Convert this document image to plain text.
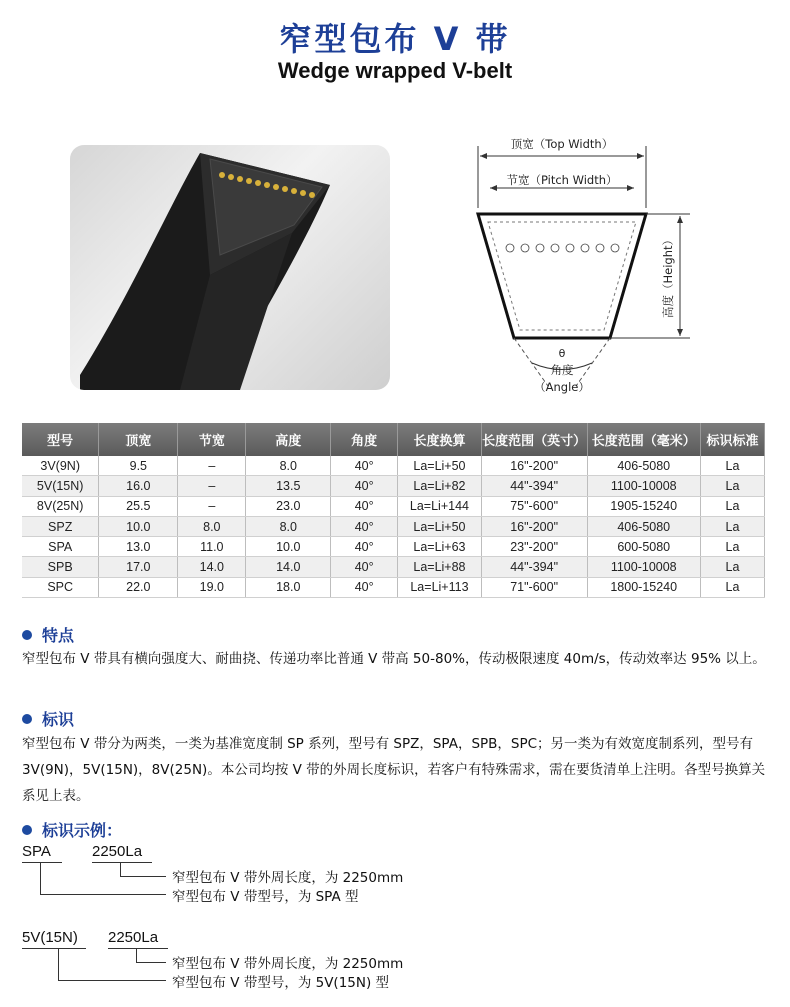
窄型包布 V 带
Wedge wrapped V-belt
顶宽（Top Width）
节宽（Pitch Width）
高度（Height）
θ
角度
（Angle）
型号	顶宽	节宽	高度	角度	长度换算	长度范围（英寸）	长度范围（毫米）	标识标准
3V(9N)	9.5	–	8.0	40°	La=Li+50	16"-200"	406-5080	La
5V(15N)	16.0	–	13.5	40°	La=Li+82	44"-394"	1100-10008	La
8V(25N)	25.5	–	23.0	40°	La=Li+144	75"-600"	1905-15240	La
SPZ	10.0	8.0	8.0	40°	La=Li+50	16"-200"	406-5080	La
SPA	13.0	11.0	10.0	40°	La=Li+63	23"-200"	600-5080	La
SPB	17.0	14.0	14.0	40°	La=Li+88	44"-394"	1100-10008	La
SPC	22.0	19.0	18.0	40°	La=Li+113	71"-600"	1800-15240	La
特点
窄型包布 V 带具有横向强度大、耐曲挠、传递功率比普通 V 带高 50-80%，传动极限速度 40m/s，传动效率达 95% 以上。
标识
窄型包布 V 带分为两类，一类为基准宽度制 SP 系列，型号有 SPZ，SPA，SPB，SPC；另一类为有效宽度制系列，型号有 3V(9N)，5V(15N)，8V(25N)。本公司均按 V 带的外周长度标识，若客户有特殊需求，需在要货清单上注明。各型号换算关系见上表。
标识示例：
SPA	2250La
窄型包布 V 带外周长度，为 2250mm
窄型包布 V 带型号，为 SPA 型
5V(15N) 2250La
窄型包布 V 带外周长度，为 2250mm
窄型包布 V 带型号，为 5V(15N) 型
